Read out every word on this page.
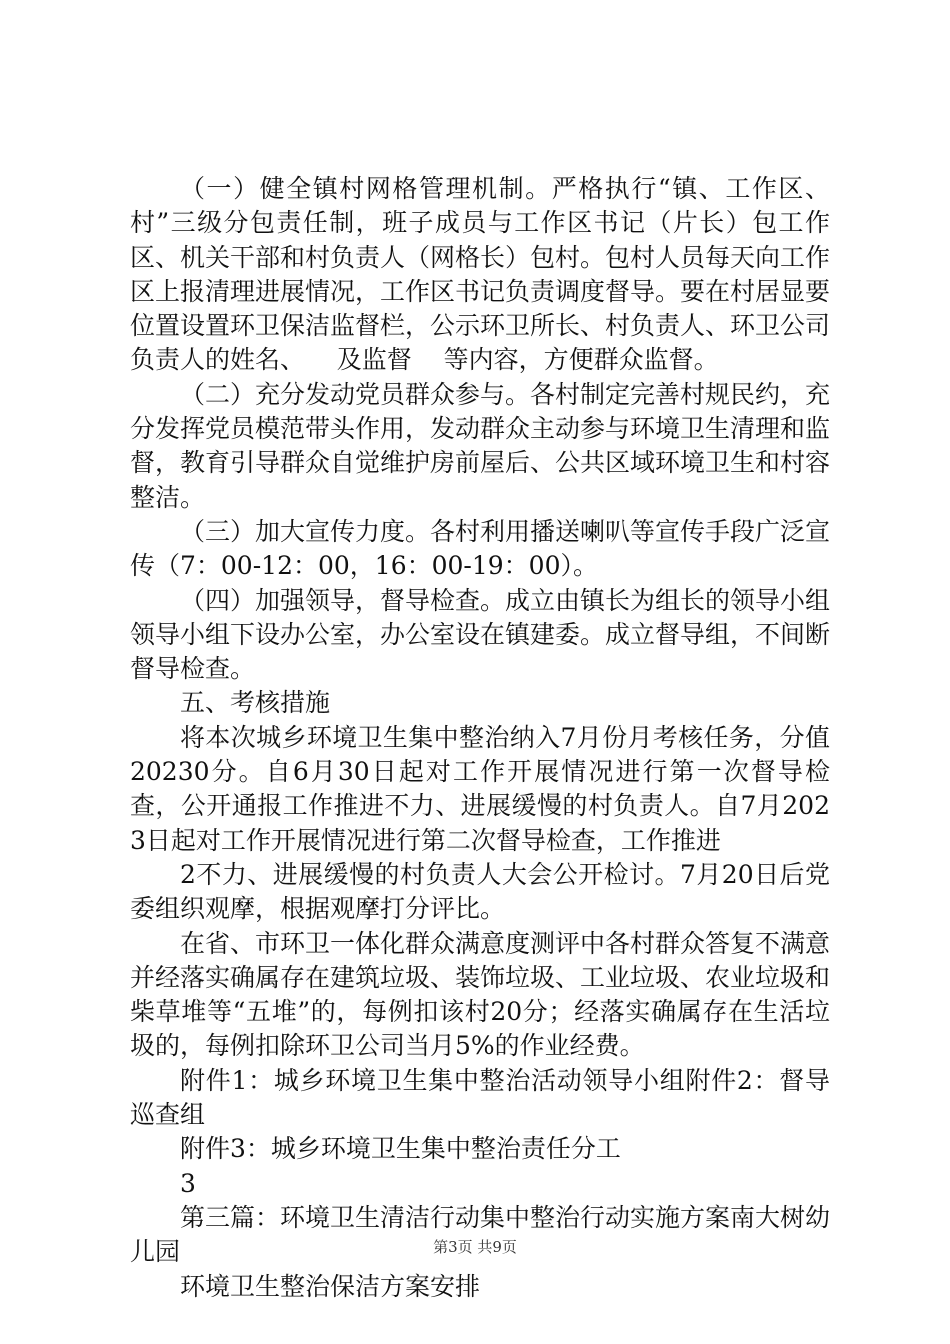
（一）健全镇村网格管理机制。严格执行“镇、工作区、村”三级分包责任制，班子成员与工作区书记（片长）包工作区、机关干部和村负责人（网格长）包村。包村人员每天向工作区上报清理进展情况，工作区书记负责调度督导。要在村居显要位置设置环卫保洁监督栏，公示环卫所长、村负责人、环卫公司负责人的姓名、    及监督    等内容，方便群众监督。

（二）充分发动党员群众参与。各村制定完善村规民约，充分发挥党员模范带头作用，发动群众主动参与环境卫生清理和监督，教育引导群众自觉维护房前屋后、公共区域环境卫生和村容整洁。

（三）加大宣传力度。各村利用播送喇叭等宣传手段广泛宣传（7：00-12：00，16：00-19：00）。

（四）加强领导，督导检查。成立由镇长为组长的领导小组领导小组下设办公室，办公室设在镇建委。成立督导组，不间断督导检查。

五、考核措施

将本次城乡环境卫生集中整治纳入7月份月考核任务，分值20230分。自6月30日起对工作开展情况进行第一次督导检查，公开通报工作推进不力、进展缓慢的村负责人。自7月2023日起对工作开展情况进行第二次督导检查，工作推进

2不力、进展缓慢的村负责人大会公开检讨。7月20日后党委组织观摩，根据观摩打分评比。

在省、市环卫一体化群众满意度测评中各村群众答复不满意并经落实确属存在建筑垃圾、装饰垃圾、工业垃圾、农业垃圾和柴草堆等“五堆”的，每例扣该村20分；经落实确属存在生活垃圾的，每例扣除环卫公司当月5%的作业经费。

附件1：城乡环境卫生集中整治活动领导小组附件2：督导巡查组

附件3：城乡环境卫生集中整治责任分工

3

第三篇：环境卫生清洁行动集中整治行动实施方案南大树幼儿园

环境卫生整治保洁方案安排

第3页 共9页
